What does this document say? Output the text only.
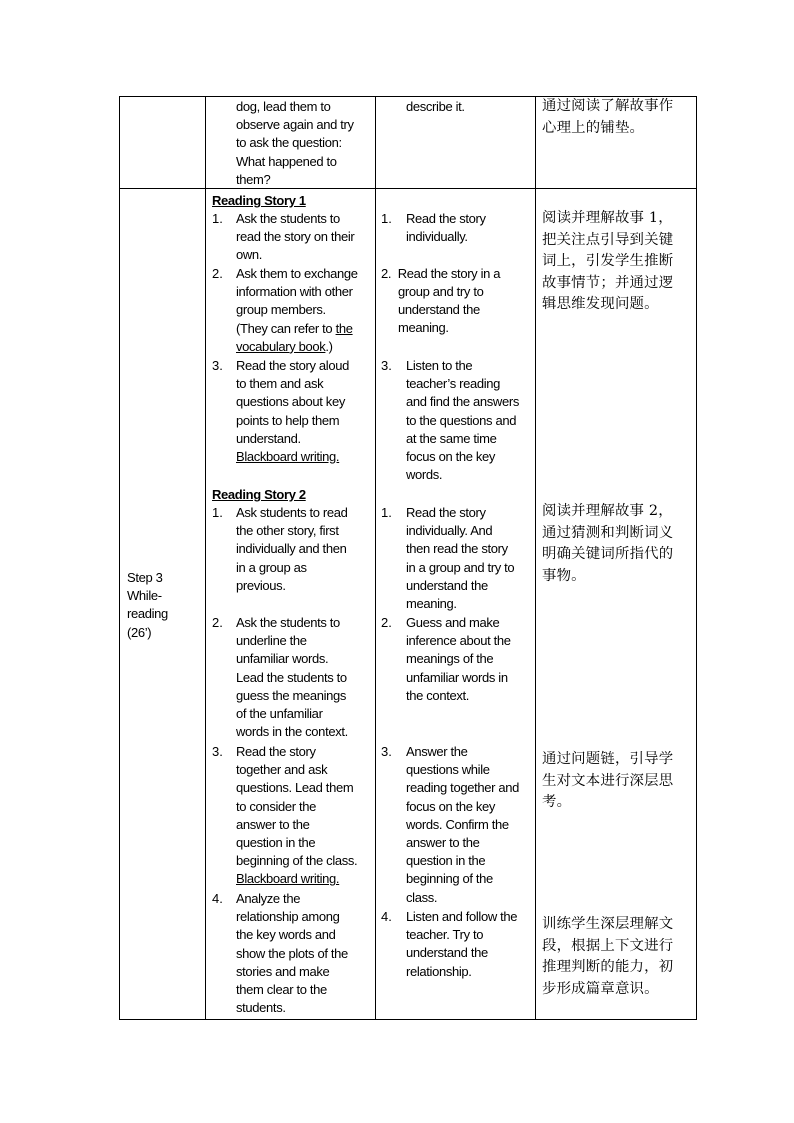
dog, lead them to
observe again and try
to ask the question:
What happened to
them?
describe it.	通过阅读了解故事作
心理上的铺垫。
Step 3
While-
reading
(26’)
Reading Story 1
1. Ask the students to
read the story on their
own.
2. Ask them to exchange
information with other
group members.
(They can refer to the
vocabulary book.)
3. Read the story aloud
to them and ask
questions about key
points to help them
understand.
Blackboard writing.
1. Read the story
individually.
2. Read the story in a
group and try to
understand the
meaning.
3. Listen to the
teacher’s reading
and find the answers
to the questions and
at the same time
focus on the key
words.
阅读并理解故事 1，
把关注点引导到关键
词上，引发学生推断
故事情节；并通过逻
辑思维发现问题。
Reading Story 2
1. Ask students to read
the other story, first
individually and then
in a group as
previous.
2. Ask the students to
underline the
unfamiliar words.
Lead the students to
guess the meanings
of the unfamiliar
words in the context.
3. Read the story
together and ask
questions. Lead them
to consider the
answer to the
question in the
beginning of the class.
Blackboard writing.
4. Analyze the
relationship among
the key words and
show the plots of the
stories and make
them clear to the
students.
1. Read the story
individually. And
then read the story
in a group and try to
understand the
meaning.
2. Guess and make
inference about the
meanings of the
unfamiliar words in
the context.
3. Answer the
questions while
reading together and
focus on the key
words. Confirm the
answer to the
question in the
beginning of the
class.
4. Listen and follow the
teacher. Try to
understand the
relationship.
阅读并理解故事 2，
通过猜测和判断词义
明确关键词所指代的
事物。
通过问题链，引导学
生对文本进行深层思
考。
训练学生深层理解文
段，根据上下文进行
推理判断的能力，初
步形成篇章意识。
